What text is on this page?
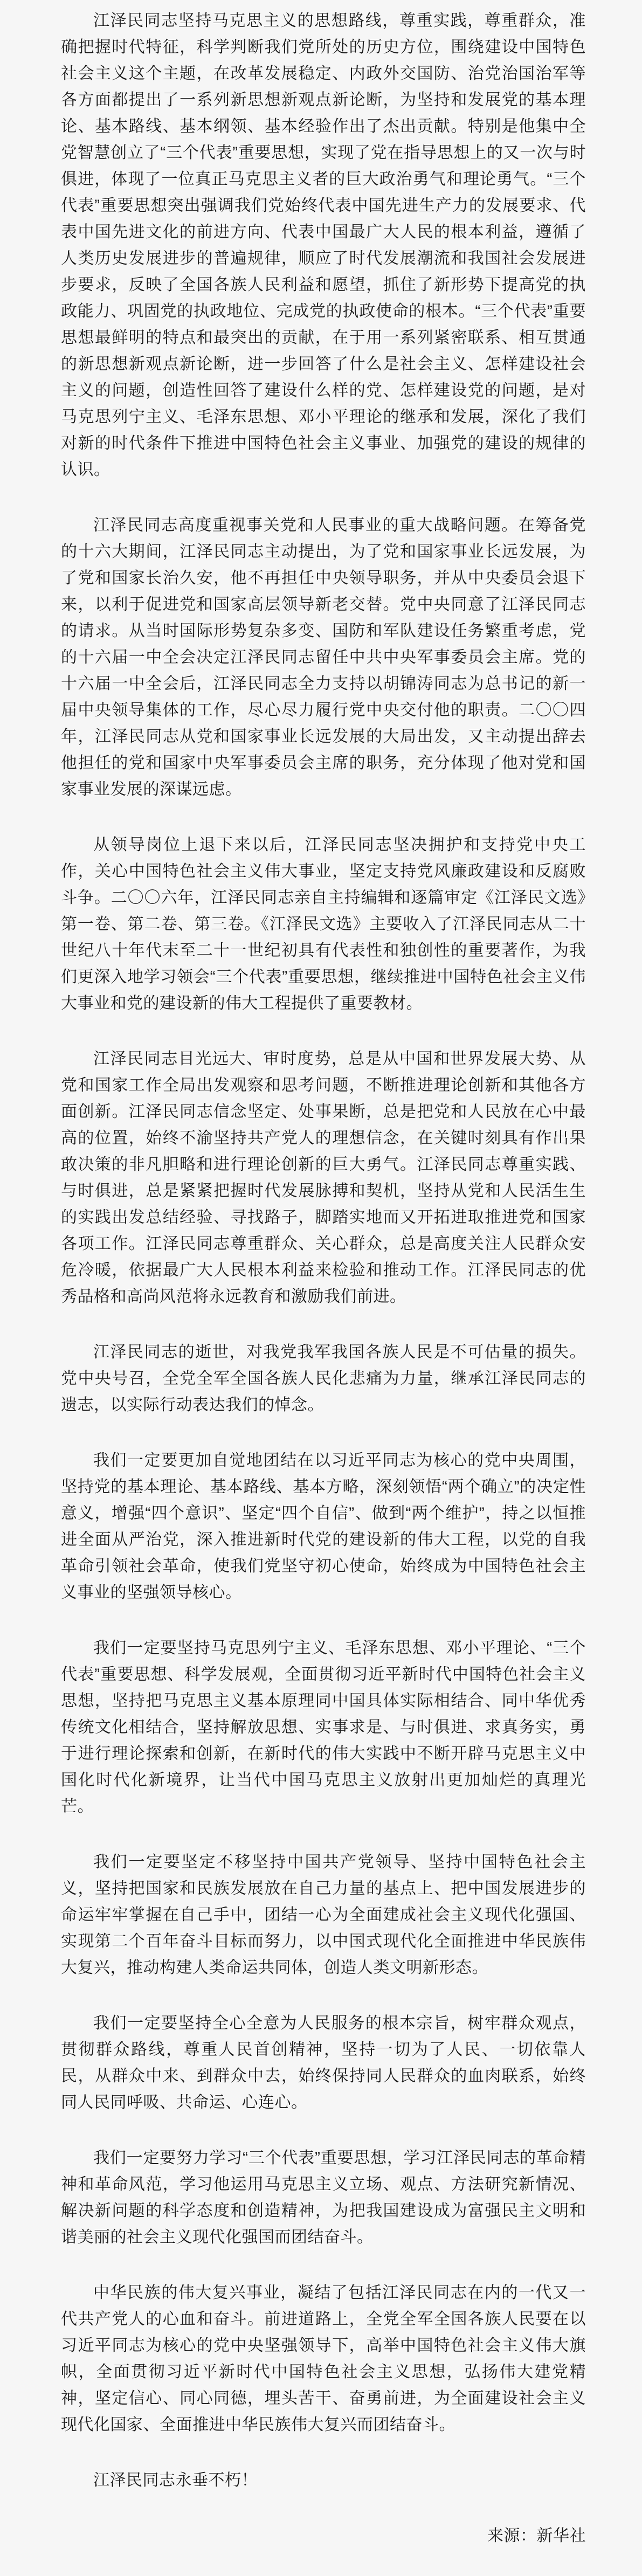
江泽民同志坚持马克思主义的思想路线，尊重实践，尊重群众，准确把握时代特征，科学判断我们党所处的历史方位，围绕建设中国特色社会主义这个主题，在改革发展稳定、内政外交国防、治党治国治军等各方面都提出了一系列新思想新观点新论断，为坚持和发展党的基本理论、基本路线、基本纲领、基本经验作出了杰出贡献。特别是他集中全党智慧创立了“三个代表”重要思想，实现了党在指导思想上的又一次与时俱进，体现了一位真正马克思主义者的巨大政治勇气和理论勇气。“三个代表”重要思想突出强调我们党始终代表中国先进生产力的发展要求、代表中国先进文化的前进方向、代表中国最广大人民的根本利益，遵循了人类历史发展进步的普遍规律，顺应了时代发展潮流和我国社会发展进步要求，反映了全国各族人民利益和愿望，抓住了新形势下提高党的执政能力、巩固党的执政地位、完成党的执政使命的根本。“三个代表”重要思想最鲜明的特点和最突出的贡献，在于用一系列紧密联系、相互贯通的新思想新观点新论断，进一步回答了什么是社会主义、怎样建设社会主义的问题，创造性回答了建设什么样的党、怎样建设党的问题，是对马克思列宁主义、毛泽东思想、邓小平理论的继承和发展，深化了我们对新的时代条件下推进中国特色社会主义事业、加强党的建设的规律的认识。

江泽民同志高度重视事关党和人民事业的重大战略问题。在筹备党的十六大期间，江泽民同志主动提出，为了党和国家事业长远发展，为了党和国家长治久安，他不再担任中央领导职务，并从中央委员会退下来，以利于促进党和国家高层领导新老交替。党中央同意了江泽民同志的请求。从当时国际形势复杂多变、国防和军队建设任务繁重考虑，党的十六届一中全会决定江泽民同志留任中共中央军事委员会主席。党的十六届一中全会后，江泽民同志全力支持以胡锦涛同志为总书记的新一届中央领导集体的工作，尽心尽力履行党中央交付他的职责。二〇〇四年，江泽民同志从党和国家事业长远发展的大局出发，又主动提出辞去他担任的党和国家中央军事委员会主席的职务，充分体现了他对党和国家事业发展的深谋远虑。

从领导岗位上退下来以后，江泽民同志坚决拥护和支持党中央工作，关心中国特色社会主义伟大事业，坚定支持党风廉政建设和反腐败斗争。二〇〇六年，江泽民同志亲自主持编辑和逐篇审定《江泽民文选》第一卷、第二卷、第三卷。《江泽民文选》主要收入了江泽民同志从二十世纪八十年代末至二十一世纪初具有代表性和独创性的重要著作，为我们更深入地学习领会“三个代表”重要思想，继续推进中国特色社会主义伟大事业和党的建设新的伟大工程提供了重要教材。

江泽民同志目光远大、审时度势，总是从中国和世界发展大势、从党和国家工作全局出发观察和思考问题，不断推进理论创新和其他各方面创新。江泽民同志信念坚定、处事果断，总是把党和人民放在心中最高的位置，始终不渝坚持共产党人的理想信念，在关键时刻具有作出果敢决策的非凡胆略和进行理论创新的巨大勇气。江泽民同志尊重实践、与时俱进，总是紧紧把握时代发展脉搏和契机，坚持从党和人民活生生的实践出发总结经验、寻找路子，脚踏实地而又开拓进取推进党和国家各项工作。江泽民同志尊重群众、关心群众，总是高度关注人民群众安危冷暖，依据最广大人民根本利益来检验和推动工作。江泽民同志的优秀品格和高尚风范将永远教育和激励我们前进。

江泽民同志的逝世，对我党我军我国各族人民是不可估量的损失。党中央号召，全党全军全国各族人民化悲痛为力量，继承江泽民同志的遗志，以实际行动表达我们的悼念。

我们一定要更加自觉地团结在以习近平同志为核心的党中央周围，坚持党的基本理论、基本路线、基本方略，深刻领悟“两个确立”的决定性意义，增强“四个意识”、坚定“四个自信”、做到“两个维护”，持之以恒推进全面从严治党，深入推进新时代党的建设新的伟大工程，以党的自我革命引领社会革命，使我们党坚守初心使命，始终成为中国特色社会主义事业的坚强领导核心。

我们一定要坚持马克思列宁主义、毛泽东思想、邓小平理论、“三个代表”重要思想、科学发展观，全面贯彻习近平新时代中国特色社会主义思想，坚持把马克思主义基本原理同中国具体实际相结合、同中华优秀传统文化相结合，坚持解放思想、实事求是、与时俱进、求真务实，勇于进行理论探索和创新，在新时代的伟大实践中不断开辟马克思主义中国化时代化新境界，让当代中国马克思主义放射出更加灿烂的真理光芒。

我们一定要坚定不移坚持中国共产党领导、坚持中国特色社会主义，坚持把国家和民族发展放在自己力量的基点上、把中国发展进步的命运牢牢掌握在自己手中，团结一心为全面建成社会主义现代化强国、实现第二个百年奋斗目标而努力，以中国式现代化全面推进中华民族伟大复兴，推动构建人类命运共同体，创造人类文明新形态。

我们一定要坚持全心全意为人民服务的根本宗旨，树牢群众观点，贯彻群众路线，尊重人民首创精神，坚持一切为了人民、一切依靠人民，从群众中来、到群众中去，始终保持同人民群众的血肉联系，始终同人民同呼吸、共命运、心连心。

我们一定要努力学习“三个代表”重要思想，学习江泽民同志的革命精神和革命风范，学习他运用马克思主义立场、观点、方法研究新情况、解决新问题的科学态度和创造精神，为把我国建设成为富强民主文明和谐美丽的社会主义现代化强国而团结奋斗。

中华民族的伟大复兴事业，凝结了包括江泽民同志在内的一代又一代共产党人的心血和奋斗。前进道路上，全党全军全国各族人民要在以习近平同志为核心的党中央坚强领导下，高举中国特色社会主义伟大旗帜，全面贯彻习近平新时代中国特色社会主义思想，弘扬伟大建党精神，坚定信心、同心同德，埋头苦干、奋勇前进，为全面建设社会主义现代化国家、全面推进中华民族伟大复兴而团结奋斗。

江泽民同志永垂不朽！

来源：新华社
